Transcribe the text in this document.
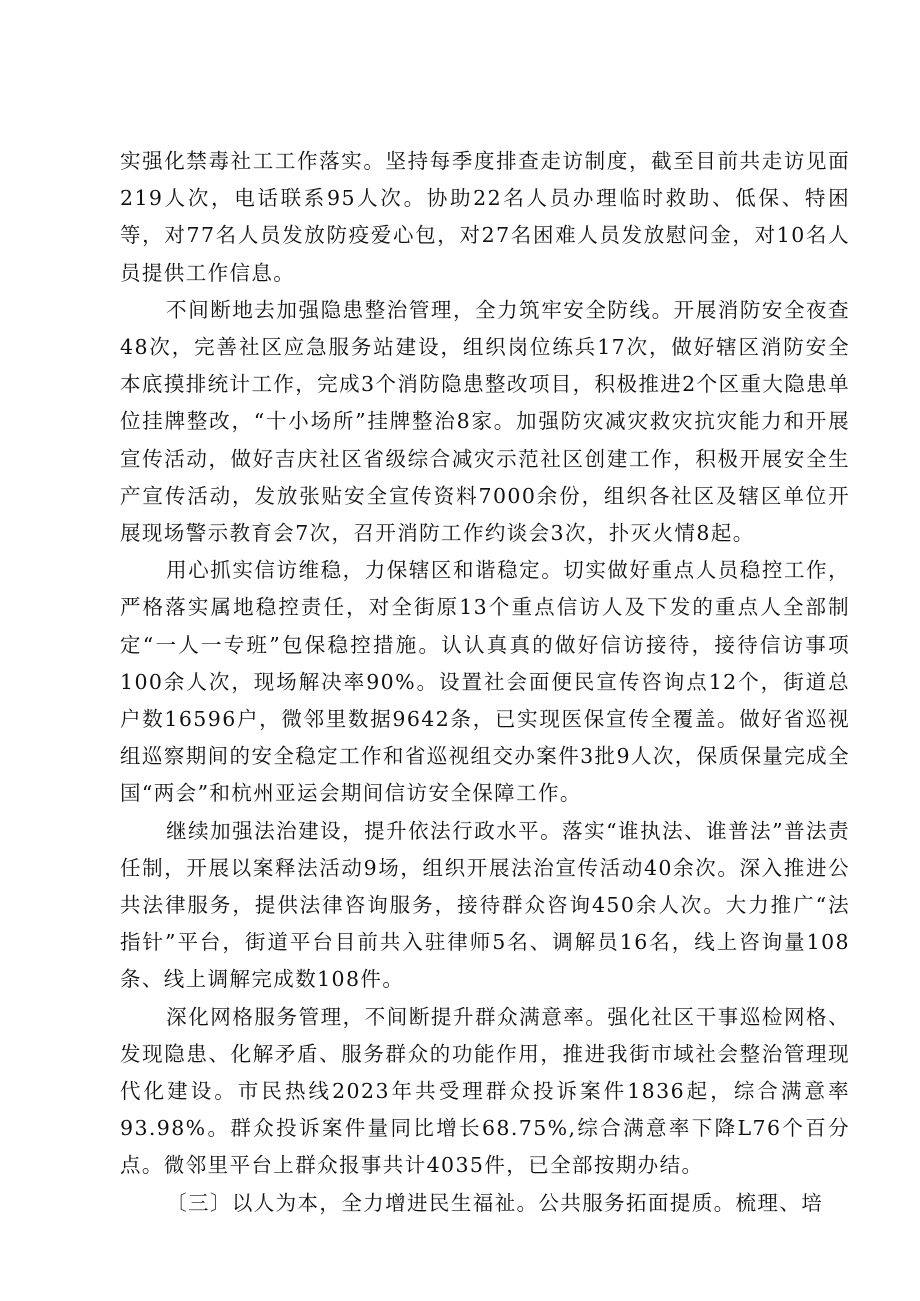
实强化禁毒社工工作落实。坚持每季度排查走访制度，截至目前共走访见面219人次，电话联系95人次。协助22名人员办理临时救助、低保、特困等，对77名人员发放防疫爱心包，对27名困难人员发放慰问金，对10名人员提供工作信息。

不间断地去加强隐患整治管理，全力筑牢安全防线。开展消防安全夜查48次，完善社区应急服务站建设，组织岗位练兵17次，做好辖区消防安全本底摸排统计工作，完成3个消防隐患整改项目，积极推进2个区重大隐患单位挂牌整改，“十小场所”挂牌整治8家。加强防灾减灾救灾抗灾能力和开展宣传活动，做好吉庆社区省级综合减灾示范社区创建工作，积极开展安全生产宣传活动，发放张贴安全宣传资料7000余份，组织各社区及辖区单位开展现场警示教育会7次，召开消防工作约谈会3次，扑灭火情8起。

用心抓实信访维稳，力保辖区和谐稳定。切实做好重点人员稳控工作，严格落实属地稳控责任，对全街原13个重点信访人及下发的重点人全部制定“一人一专班”包保稳控措施。认认真真的做好信访接待，接待信访事项100余人次，现场解决率90%。设置社会面便民宣传咨询点12个，街道总户数16596户，微邻里数据9642条，已实现医保宣传全覆盖。做好省巡视组巡察期间的安全稳定工作和省巡视组交办案件3批9人次，保质保量完成全国“两会”和杭州亚运会期间信访安全保障工作。

继续加强法治建设，提升依法行政水平。落实“谁执法、谁普法”普法责任制，开展以案释法活动9场，组织开展法治宣传活动40余次。深入推进公共法律服务，提供法律咨询服务，接待群众咨询450余人次。大力推广“法指针”平台，街道平台目前共入驻律师5名、调解员16名，线上咨询量108条、线上调解完成数108件。

深化网格服务管理，不间断提升群众满意率。强化社区干事巡检网格、发现隐患、化解矛盾、服务群众的功能作用，推进我街市域社会整治管理现代化建设。市民热线2023年共受理群众投诉案件1836起，综合满意率93.98%。群众投诉案件量同比增长68.75%,综合满意率下降L76个百分点。微邻里平台上群众报事共计4035件，已全部按期办结。

〔三〕以人为本，全力增进民生福祉。公共服务拓面提质。梳理、培
